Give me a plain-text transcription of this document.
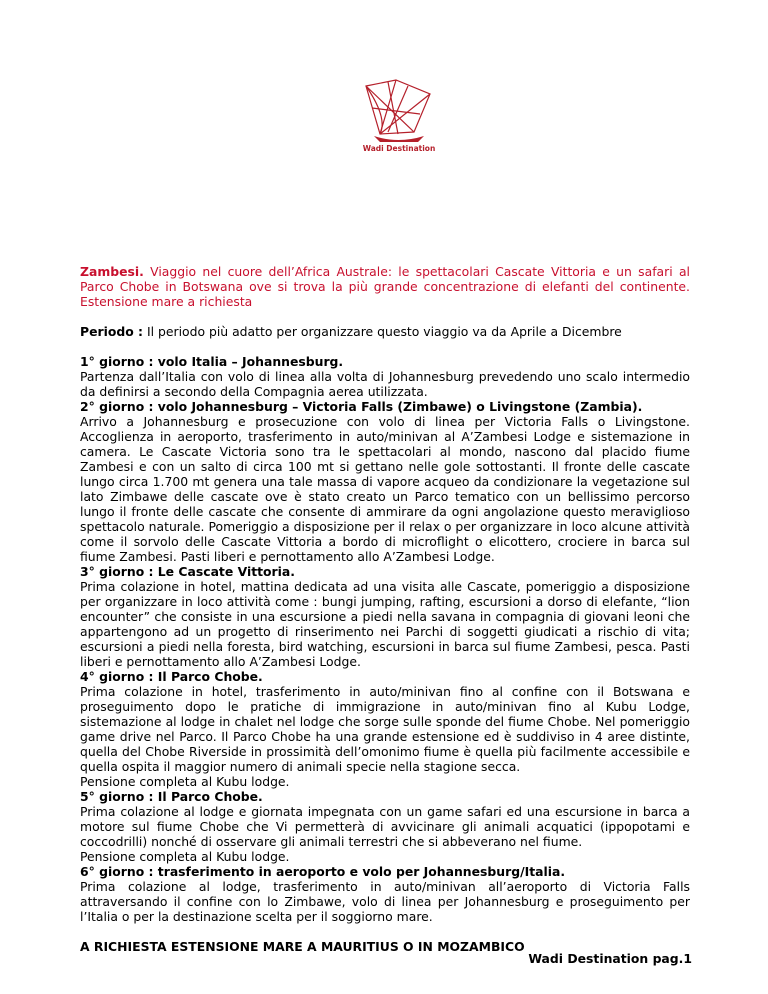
Wadi Destination

Zambesi. Viaggio nel cuore dell’Africa Australe: le spettacolari Cascate Vittoria e un safari al Parco Chobe in Botswana ove si trova la più grande concentrazione di elefanti del continente. Estensione mare a richiesta

Periodo : Il periodo più adatto per organizzare questo viaggio va da Aprile a Dicembre

1° giorno : volo Italia – Johannesburg.

Partenza dall’Italia con volo di linea alla volta di Johannesburg prevedendo uno scalo intermedio da definirsi a secondo della Compagnia aerea utilizzata.

2° giorno : volo Johannesburg – Victoria Falls (Zimbawe) o Livingstone (Zambia).

Arrivo a Johannesburg e prosecuzione con volo di linea per Victoria Falls o Livingstone. Accoglienza in aeroporto, trasferimento in auto/minivan al A’Zambesi Lodge e sistemazione in camera. Le Cascate Victoria sono tra le spettacolari al mondo, nascono dal placido fiume Zambesi e con un salto di circa 100 mt si gettano nelle gole sottostanti. Il fronte delle cascate lungo circa 1.700 mt genera una tale massa di vapore acqueo da condizionare la vegetazione sul lato Zimbawe delle cascate ove è stato creato un Parco tematico con un bellissimo percorso lungo il fronte delle cascate che consente di ammirare da ogni angolazione questo meraviglioso spettacolo naturale. Pomeriggio a disposizione per il relax o per organizzare in loco alcune attività come il sorvolo delle Cascate Vittoria a bordo di microflight o elicottero, crociere in barca sul fiume Zambesi. Pasti liberi e pernottamento allo A’Zambesi Lodge.

3° giorno : Le Cascate Vittoria.

Prima colazione in hotel, mattina dedicata ad una visita alle Cascate, pomeriggio a disposizione per organizzare in loco attività come : bungi jumping, rafting, escursioni a dorso di elefante, “lion encounter” che consiste in una escursione a piedi nella savana in compagnia di giovani leoni che appartengono ad un progetto di rinserimento nei Parchi di soggetti giudicati a rischio di vita; escursioni a piedi nella foresta, bird watching, escursioni in barca sul fiume Zambesi, pesca. Pasti liberi e pernottamento allo A’Zambesi Lodge.

4° giorno : Il Parco Chobe.

Prima colazione in hotel, trasferimento in auto/minivan fino al confine con il Botswana e proseguimento dopo le pratiche di immigrazione in auto/minivan fino al Kubu Lodge, sistemazione al lodge in chalet nel lodge che sorge sulle sponde del fiume Chobe. Nel pomeriggio game drive nel Parco. Il Parco Chobe ha una grande estensione ed è suddiviso in 4 aree distinte, quella del Chobe Riverside in prossimità dell’omonimo fiume è quella più facilmente accessibile e quella ospita il maggior numero di animali specie nella stagione secca.

Pensione completa al Kubu lodge.

5° giorno : Il Parco Chobe.

Prima colazione al lodge e giornata impegnata con un game safari ed una escursione in barca a motore sul fiume Chobe che Vi permetterà di avvicinare gli animali acquatici (ippopotami e coccodrilli) nonché di osservare gli animali terrestri che si abbeverano nel fiume.

Pensione completa al Kubu lodge.

6° giorno : trasferimento in aeroporto e volo per Johannesburg/Italia.

Prima colazione al lodge, trasferimento in auto/minivan all’aeroporto di Victoria Falls attraversando il confine con lo Zimbawe, volo di linea per Johannesburg e proseguimento per l’Italia o per la destinazione scelta per il soggiorno mare.

A RICHIESTA ESTENSIONE MARE A MAURITIUS O IN MOZAMBICO
Wadi Destination pag.1
